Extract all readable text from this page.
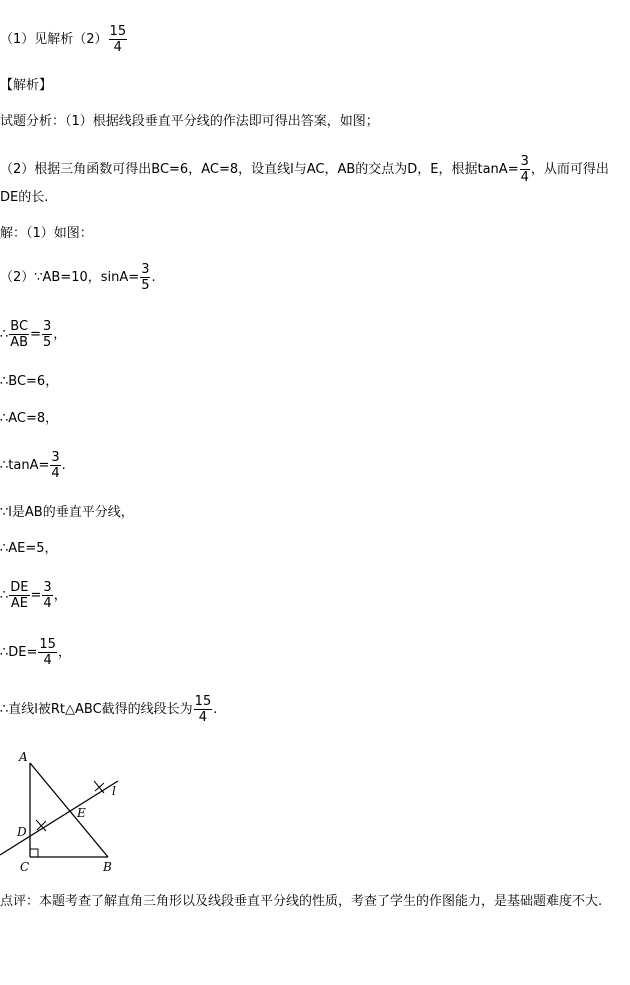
（1）见解析$(2) \frac{15}{4}$
【解析】
试题分析：（1）根据线段垂直平分线的作法即可得出答案，如图；
（2）根据三角函数可得出BC=6，AC=8，设直线l与AC，AB的交点为D，E，根据$\tan A= \frac{3}{4}$ ，从而可得出
DE的长.
解：（1）如图：
（2）∵AB=10，$\sin A= \frac{3}{5}$ .
∴ $\frac{BC}{AB} = \frac{3}{5}$ ，
∴BC=6，
∴AC=8，
∴tanA= $\frac{3}{4}$ .
∵l是AB的垂直平分线，
∴AE=5，
∴ $\frac{DE}{AE} = \frac{3}{4}$ ，
∴DE= $\frac{15}{4}$ ，
∴直线l被Rt△ABC截得的线段长为 $\frac{15}{4}$ .
A
l
E
D
C	B
点评：本题考查了解直角三角形以及线段垂直平分线的性质，考查了学生的作图能力，是基础题难度不大.
